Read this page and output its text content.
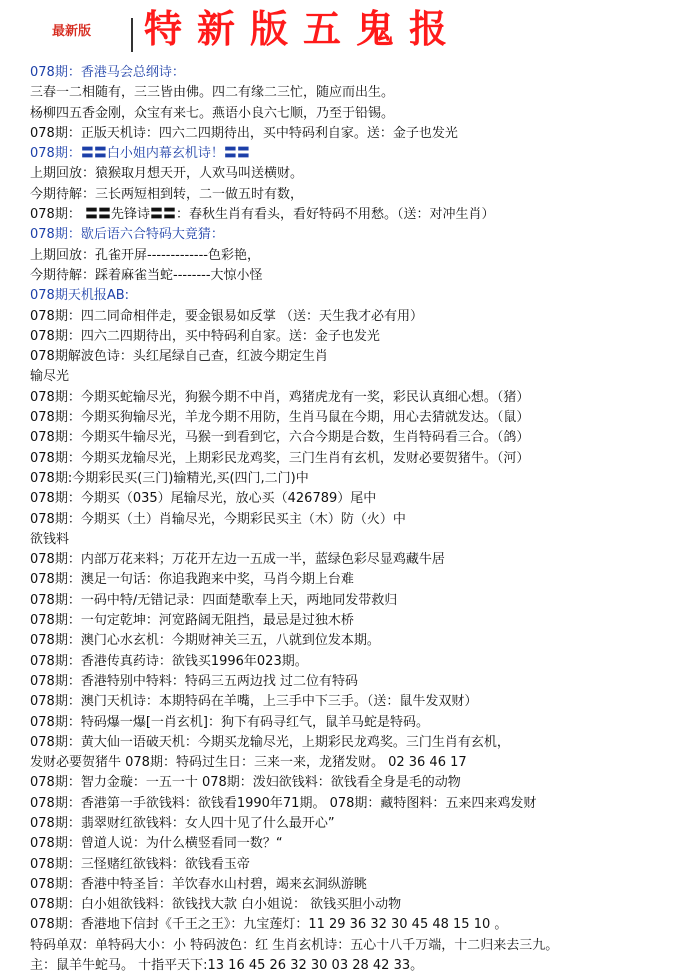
最新版 特新版五鬼报
078期：香港马会总纲诗：
三春一二相随有，三三皆由佛。四二有缘二三忙，随应而出生。
杨柳四五香金刚，众宝有来七。燕语小良六七顺，乃至于铅锡。
078期：正版天机诗：四六二四期待出，买中特码利自家。送：金子也发光
078期：〓〓白小姐内幕玄机诗！〓〓
上期回放：猿猴取月想天开，人欢马叫送横财。
今期待解：三长两短相到转，二一做五时有数，
078期： 〓〓先锋诗〓〓：春秋生肖有看头，看好特码不用愁。（送：对冲生肖）
078期：歇后语六合特码大竟猜：
上期回放：孔雀开屏-------------色彩艳，
今期待解：踩着麻雀当蛇--------大惊小怪
078期天机报AB:
078期：四二同命相伴走，要金银易如反掌 （送：天生我才必有用）
078期：四六二四期待出，买中特码利自家。送：金子也发光
078期解波色诗：头红尾绿自己查，红波今期定生肖
输尽光
078期：今期买蛇输尽光，狗猴今期不中肖，鸡猪虎龙有一奖，彩民认真细心想。（猪）
078期：今期买狗输尽光，羊龙今期不用防，生肖马鼠在今期，用心去猜就发达。（鼠）
078期：今期买牛输尽光，马猴一到看到它，六合今期是合数，生肖特码看三合。（鸽）
078期：今期买龙输尽光，上期彩民龙鸡奖，三门生肖有玄机，发财必要贺猪牛。（河）
078期:今期彩民买(三门)输精光,买(四门,二门)中
078期：今期买（035）尾输尽光，放心买（426789）尾中
078期：今期买（土）肖输尽光，今期彩民买主（木）防（火）中
欲钱料
078期：内部万花来料；万花开左边一五成一半，蓝绿色彩尽显鸡藏牛居
078期：澳足一句话：你追我跑来中奖，马肖今期上台难
078期：一码中特/无错记录：四面楚歌奉上天，两地同发带救归
078期：一句定乾坤：河宽路阔无阻挡，最忌是过独木桥
078期：澳门心水玄机：今期财神关三五，八就到位发本期。
078期：香港传真药诗：欲钱买1996年023期。
078期：香港特别中特料：特码三五两边找 过二位有特码
078期：澳门天机诗：本期特码在羊嘴，上三手中下三手。（送：鼠牛发双财）
078期：特码爆一爆[一肖玄机]：狗下有码寻红气，鼠羊马蛇是特码。
078期：黄大仙一语破天机：今期买龙输尽光，上期彩民龙鸡奖。三门生肖有玄机，
发财必要贺猪牛 078期：特码过生日：三来一来，龙猪发财。 02 36 46 17
078期：智力金璇：一五一十 078期：泼妇欲钱料：欲钱看全身是毛的动物
078期：香港第一手欲钱料：欲钱看1990年71期。 078期：藏特图料：五来四来鸡发财
078期：翡翠财红欲钱料：女人四十见了什么最开心”
078期：曾道人说：为什么横竖看同一数？“
078期：三怪赌红欲钱料：欲钱看玉帝
078期：香港中特圣旨：羊饮春水山村碧，竭来玄洞纵游眺
078期：白小姐欲钱料：欲钱找大款 白小姐说： 欲钱买胆小动物
078期：香港地下信封《千王之王》：九宝莲灯：11 29 36 32 30 45 48 15 10 。
特码单双：单特码大小：小 特码波色：红 生肖玄机诗：五心十八千万端，十二归来去三九。
主：鼠羊牛蛇马。 十指平天下:13 16 45 26 32 30 03 28 42 33。
